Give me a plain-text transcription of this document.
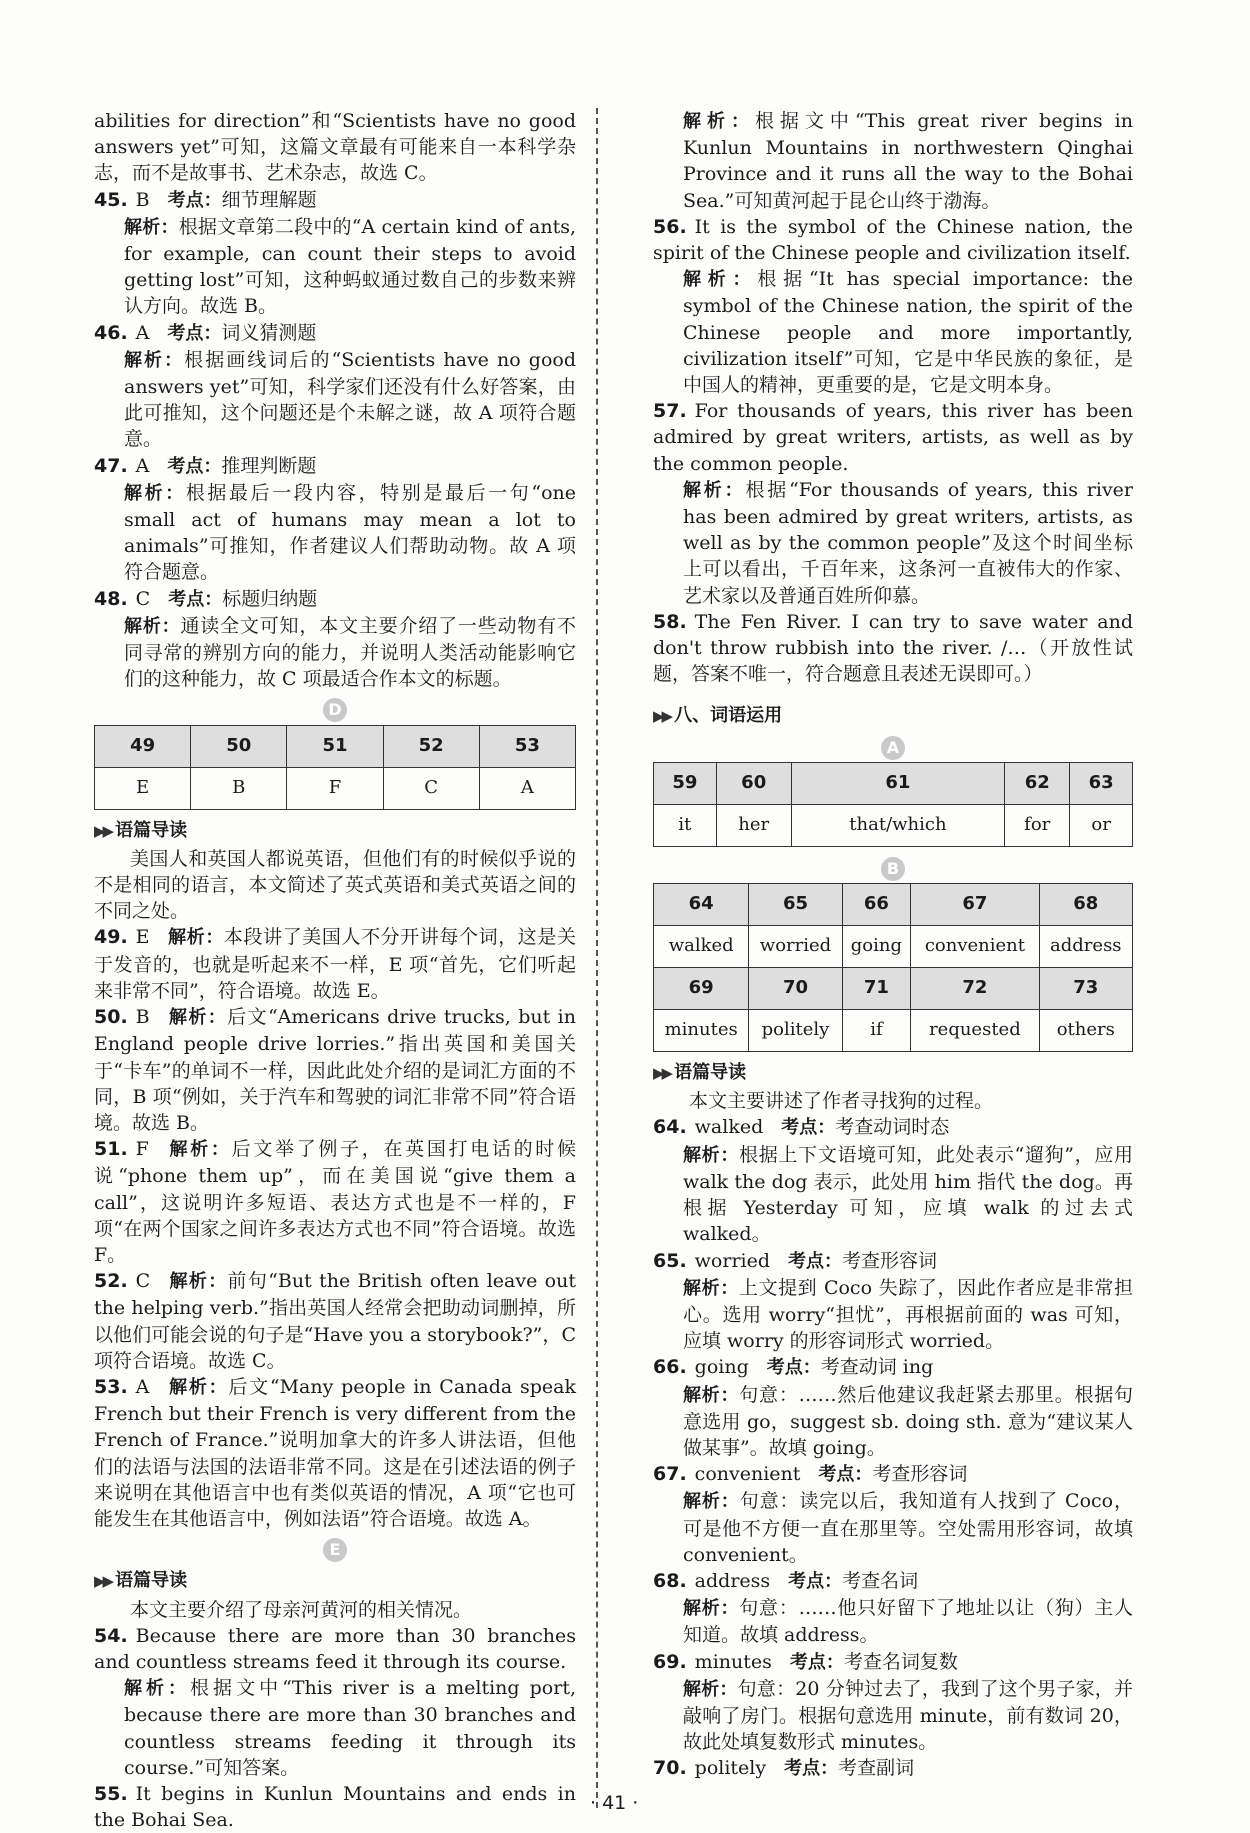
abilities for direction”和“Scientists have no good answers yet”可知，这篇文章最有可能来自一本科学杂志，而不是故事书、艺术杂志，故选 C。

45. B 考点：细节理解题

解析：根据文章第二段中的“A certain kind of ants, for example, can count their steps to avoid getting lost”可知，这种蚂蚁通过数自己的步数来辨认方向。故选 B。

46. A 考点：词义猜测题

解析：根据画线词后的“Scientists have no good answers yet”可知，科学家们还没有什么好答案，由此可推知，这个问题还是个未解之谜，故 A 项符合题意。

47. A 考点：推理判断题

解析：根据最后一段内容，特别是最后一句“one small act of humans may mean a lot to animals”可推知，作者建议人们帮助动物。故 A 项符合题意。

48. C 考点：标题归纳题

解析：通读全文可知，本文主要介绍了一些动物有不同寻常的辨别方向的能力，并说明人类活动能影响它们的这种能力，故 C 项最适合作本文的标题。

D
49	50	51	52	53
E	B	F	C	A
▶▶ 语篇导读

美国人和英国人都说英语，但他们有的时候似乎说的不是相同的语言，本文简述了英式英语和美式英语之间的不同之处。

49. E 解析：本段讲了美国人不分开讲每个词，这是关于发音的，也就是听起来不一样，E 项“首先，它们听起来非常不同”，符合语境。故选 E。
50. B 解析：后文“Americans drive trucks, but in England people drive lorries.”指出英国和美国关于“卡车”的单词不一样，因此此处介绍的是词汇方面的不同，B 项“例如，关于汽车和驾驶的词汇非常不同”符合语境。故选 B。
51. F 解析：后文举了例子，在英国打电话的时候说“phone them up”，而在美国说“give them a call”，这说明许多短语、表达方式也是不一样的，F 项“在两个国家之间许多表达方式也不同”符合语境。故选 F。
52. C 解析：前句“But the British often leave out the helping verb.”指出英国人经常会把助动词删掉，所以他们可能会说的句子是“Have you a storybook?”，C 项符合语境。故选 C。
53. A 解析：后文“Many people in Canada speak French but their French is very different from the French of France.”说明加拿大的许多人讲法语，但他们的法语与法国的法语非常不同。这是在引述法语的例子来说明在其他语言中也有类似英语的情况，A 项“它也可能发生在其他语言中，例如法语”符合语境。故选 A。
E
▶▶ 语篇导读

本文主要介绍了母亲河黄河的相关情况。

54. Because there are more than 30 branches and countless streams feed it through its course.

解析：根据文中“This river is a melting port, because there are more than 30 branches and countless streams feeding it through its course.”可知答案。

55. It begins in Kunlun Mountains and ends in the Bohai Sea.

解析：根据文中“This great river begins in Kunlun Mountains in northwestern Qinghai Province and it runs all the way to the Bohai Sea.”可知黄河起于昆仑山终于渤海。

56. It is the symbol of the Chinese nation, the spirit of the Chinese people and civilization itself.

解析：根据“It has special importance: the symbol of the Chinese nation, the spirit of the Chinese people and more importantly, civilization itself”可知，它是中华民族的象征，是中国人的精神，更重要的是，它是文明本身。

57. For thousands of years, this river has been admired by great writers, artists, as well as by the common people.

解析：根据“For thousands of years, this river has been admired by great writers, artists, as well as by the common people”及这个时间坐标上可以看出，千百年来，这条河一直被伟大的作家、艺术家以及普通百姓所仰慕。

58. The Fen River. I can try to save water and don't throw rubbish into the river. /…（开放性试题，答案不唯一，符合题意且表述无误即可。）
▶▶ 八、词语运用
A
59	60	61	62	63
it	her	that/which	for	or
B
64	65	66	67	68
walked	worried	going	convenient	address
69	70	71	72	73
minutes	politely	if	requested	others
▶▶ 语篇导读

本文主要讲述了作者寻找狗的过程。

64. walked 考点：考查动词时态

解析：根据上下文语境可知，此处表示“遛狗”，应用 walk the dog 表示，此处用 him 指代 the dog。再根据 Yesterday 可知，应填 walk 的过去式 walked。

65. worried 考点：考查形容词

解析：上文提到 Coco 失踪了，因此作者应是非常担心。选用 worry“担忧”，再根据前面的 was 可知，应填 worry 的形容词形式 worried。

66. going 考点：考查动词 ing

解析：句意：……然后他建议我赶紧去那里。根据句意选用 go，suggest sb. doing sth. 意为“建议某人做某事”。故填 going。

67. convenient 考点：考查形容词

解析：句意：读完以后，我知道有人找到了 Coco，可是他不方便一直在那里等。空处需用形容词，故填 convenient。

68. address 考点：考查名词

解析：句意：……他只好留下了地址以让（狗）主人知道。故填 address。

69. minutes 考点：考查名词复数

解析：句意：20 分钟过去了，我到了这个男子家，并敲响了房门。根据句意选用 minute，前有数词 20，故此处填复数形式 minutes。

70. politely 考点：考查副词
· 41 ·
